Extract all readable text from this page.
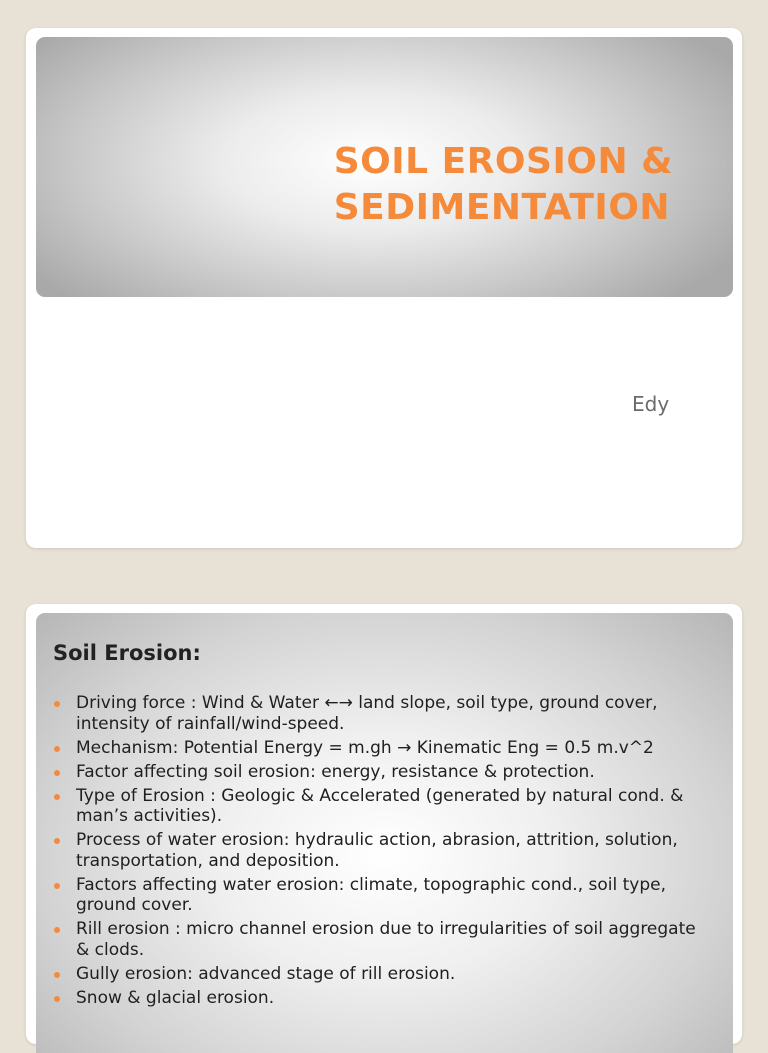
SOIL EROSION &
SEDIMENTATION
Edy
Soil Erosion:
Driving force : Wind & Water ←→ land slope, soil type, ground cover, intensity of rainfall/wind-speed.
Mechanism: Potential Energy = m.gh → Kinematic Eng = 0.5 m.v^2
Factor affecting soil erosion: energy, resistance & protection.
Type of Erosion : Geologic & Accelerated (generated by natural cond. & man’s activities).
Process of water erosion: hydraulic action, abrasion, attrition, solution, transportation, and deposition.
Factors affecting water erosion: climate, topographic cond., soil type, ground cover.
Rill erosion : micro channel erosion due to irregularities of soil aggregate & clods.
Gully erosion: advanced stage of rill erosion.
Snow & glacial erosion.
